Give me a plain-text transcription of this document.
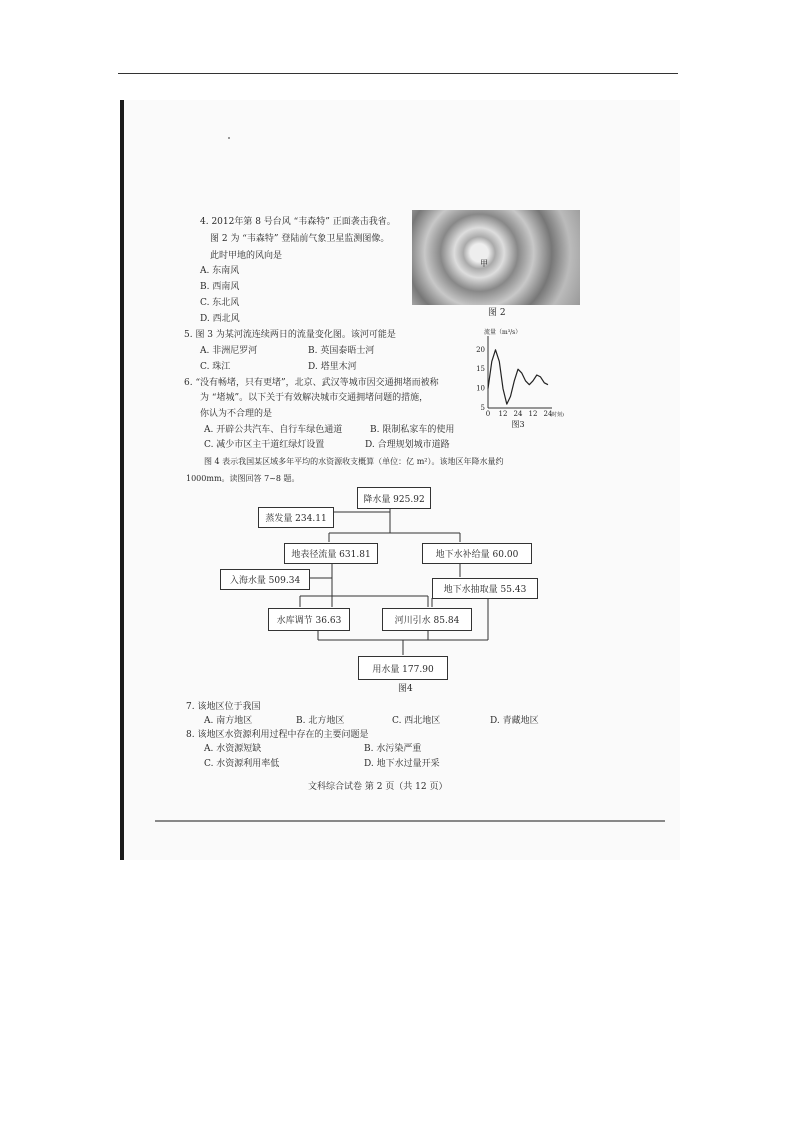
4. 2012年第 8 号台风 “韦森特” 正面袭击我省。
图 2 为 “韦森特” 登陆前气象卫星监测图像。
此时甲地的风向是
A. 东南风
B. 西南风
C. 东北风
D. 西北风
甲
图 2
5. 图 3 为某河流连续两日的流量变化图。该河可能是
A. 非洲尼罗河	B. 英国泰晤士河
C. 珠江	D. 塔里木河
流量（m³/s）
5
10
15
20
0 12 24 12 24
(时刻)
图3
6. “没有畅堵，只有更堵”，北京、武汉等城市因交通拥堵而被称
为 “堵城”。以下关于有效解决城市交通拥堵问题的措施，
你认为不合理的是
A. 开辟公共汽车、自行车绿色通道	B. 限制私家车的使用
C. 减少市区主干道红绿灯设置	D. 合理规划城市道路
图 4 表示我国某区域多年平均的水资源收支概算（单位：亿 m²）。该地区年降水量约
1000mm。读图回答 7~8 题。
降水量 925.92
蒸发量 234.11
地表径流量 631.81	地下水补给量 60.00
入海水量 509.34
地下水抽取量 55.43
水库调节 36.63	河川引水 85.84
用水量 177.90
图4
7. 该地区位于我国
A. 南方地区	B. 北方地区	C. 西北地区	D. 青藏地区
8. 该地区水资源利用过程中存在的主要问题是
A. 水资源短缺	B. 水污染严重
C. 水资源利用率低	D. 地下水过量开采
文科综合试卷 第 2 页（共 12 页）
